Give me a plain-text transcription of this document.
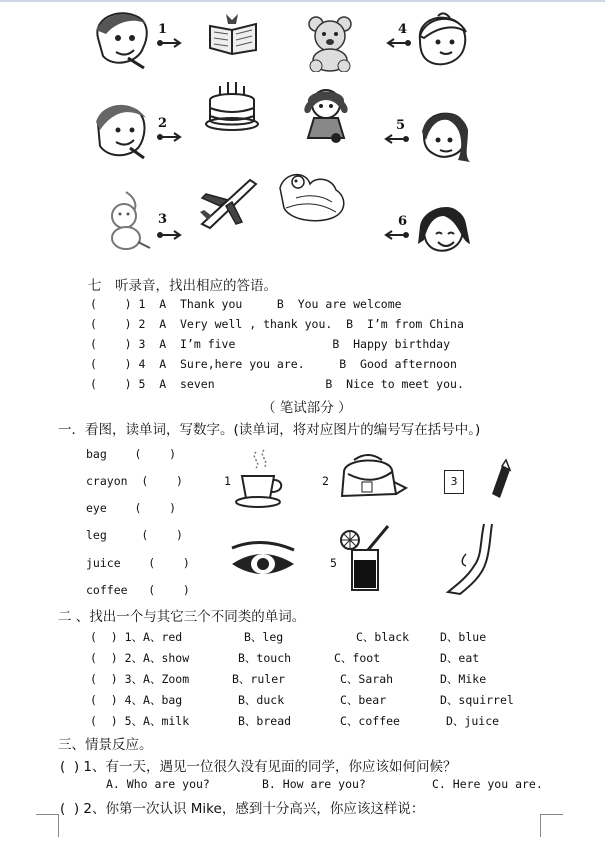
1	4
2	5
3	6
七　听录音，找出相应的答语。
(    ) 1  A  Thank you     B  You are welcome
(    ) 2  A  Very well , thank you.  B  I’m from China
(    ) 3  A  I’m five              B  Happy birthday
(    ) 4  A  Sure,here you are.     B  Good afternoon
(    ) 5  A  seven                B  Nice to meet you.
（ 笔试部分 ）
一．看图，读单词，写数字。(读单词，将对应图片的编号写在括号中。)
bag    (    )
crayon  (    )
eye    (    )
leg     (    )
juice    (    )
coffee   (    )
1	2	3
5
二 、找出一个与其它三个不同类的单词。
(  ) 1、A、red	B、leg	C、black	D、blue
(  ) 2、A、show	B、touch	C、foot	D、eat
(  ) 3、A、Zoom	B、ruler	C、Sarah	D、Mike
(  ) 4、A、bag	B、duck	C、bear	D、squirrel
(  ) 5、A、milk	B、bread	C、coffee	D、juice
三、情景反应。
(  ) 1、有一天，遇见一位很久没有见面的同学，你应该如何问候？
A. Who are you?	B. How are you?	C. Here you are.
(  ) 2、你第一次认识 Mike，感到十分高兴，你应该这样说：
